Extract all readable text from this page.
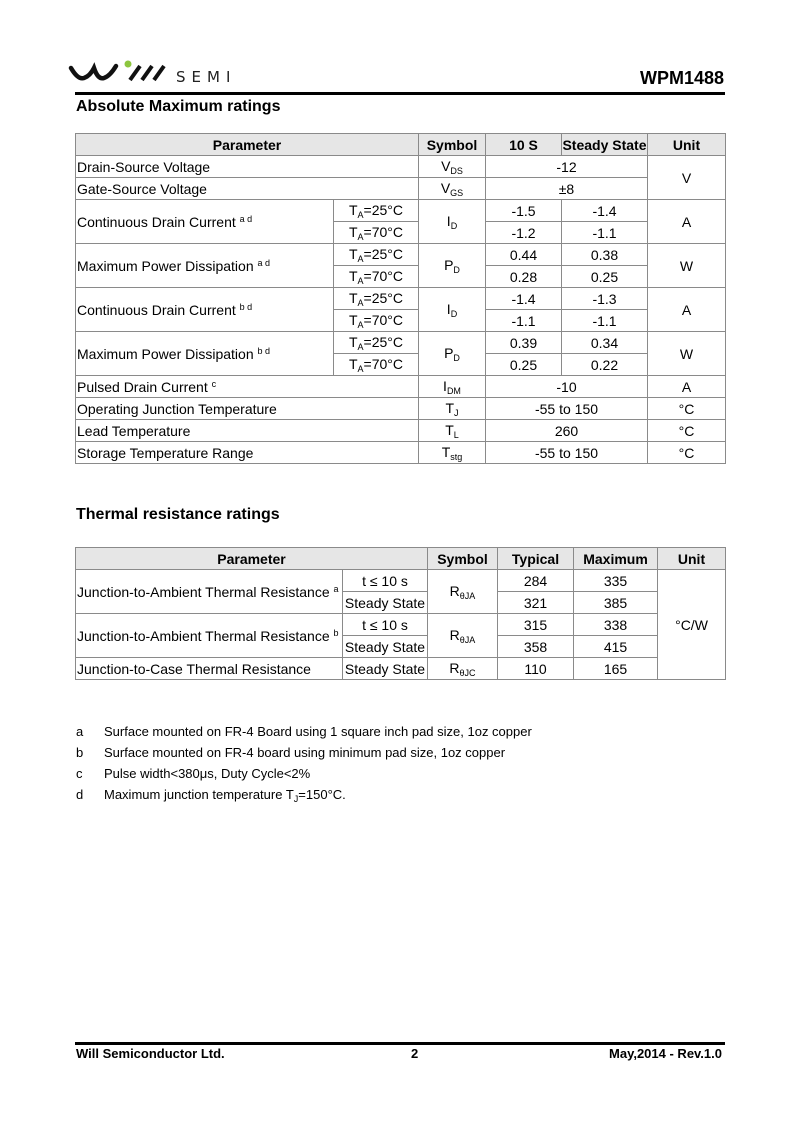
SEMI	WPM1488
Absolute Maximum ratings
Parameter		Symbol	10 S	Steady State	Unit
Drain-Source Voltage		$V_{DS}$	-12		V
Gate-Source Voltage		$V_{GS}$	±8		
Continuous Drain Current $^{a d}$	$T_A=25^\circ C$	$I_D$	-1.5	-1.4	A
	$T_A=70^\circ C$		-1.2	-1.1	
Maximum Power Dissipation $^{a d}$	$T_A=25^\circ C$	$P_D$	0.44	0.38	W
	$T_A=70^\circ C$		0.28	0.25	
Continuous Drain Current $^{b d}$	$T_A=25^\circ C$	$I_D$	-1.4	-1.3	A
	$T_A=70^\circ C$		-1.1	-1.1	
Maximum Power Dissipation $^{b d}$	$T_A=25^\circ C$	$P_D$	0.39	0.34	W
	$T_A=70^\circ C$		0.25	0.22	
Pulsed Drain Current $^c$		$I_{DM}$	-10		A
Operating Junction Temperature		$T_J$	-55 to 150		°C
Lead Temperature		$T_L$	260		°C
Storage Temperature Range		$T_{stg}$	-55 to 150		°C
Thermal resistance ratings
Parameter		Symbol	Typical	Maximum	Unit
Junction-to-Ambient Thermal Resistance $^a$	t ≤ 10 s	$R_{\theta JA}$	284	335	°C/W
	Steady State		321	385	
Junction-to-Ambient Thermal Resistance $^b$	t ≤ 10 s	$R_{\theta JA}$	315	338	
	Steady State		358	415	
Junction-to-Case Thermal Resistance	Steady State	$R_{\theta JC}$	110	165	
a	Surface mounted on FR-4 Board using 1 square inch pad size, 1oz copper
b	Surface mounted on FR-4 board using minimum pad size, 1oz copper
c	Pulse width<380μs, Duty Cycle<2%
d	Maximum junction temperature $T_J=150^\circ C$.
Will Semiconductor Ltd.	2	May,2014 - Rev.1.0
